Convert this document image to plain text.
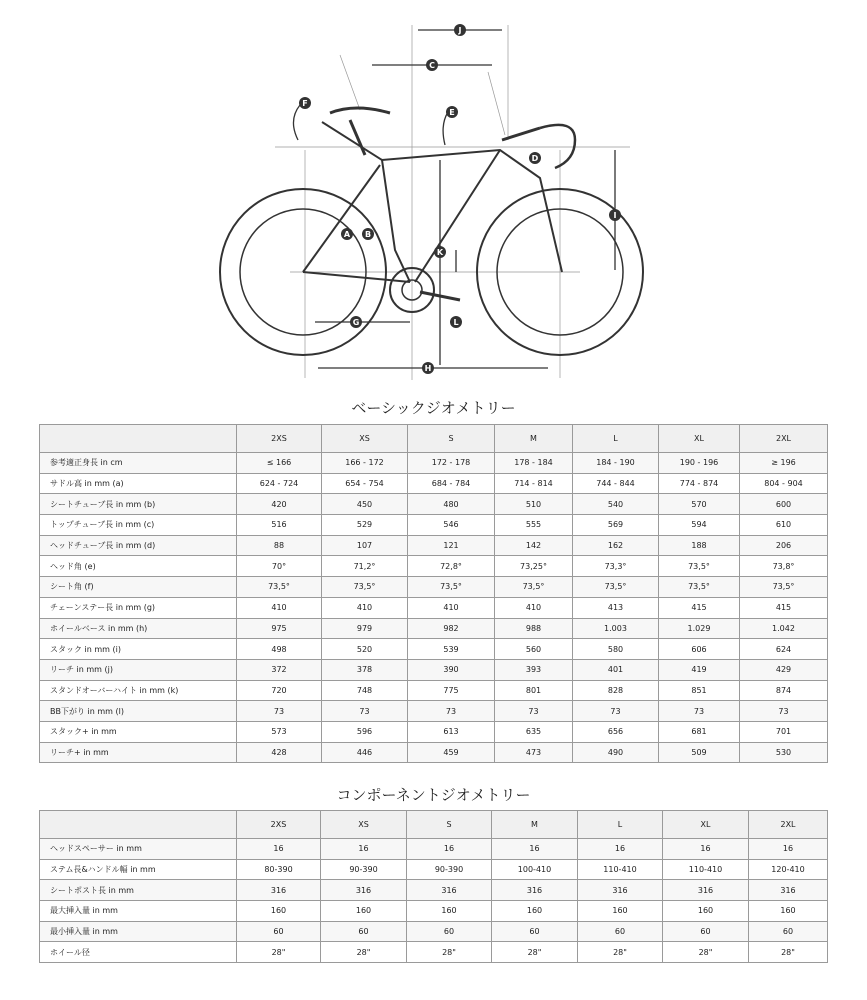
J
C
F
E
D
I
A B
K
L
G
H
ベーシックジオメトリー
	2XS	XS	S	M	L	XL	2XL
参考適正身長 in cm	≤ 166	166 - 172	172 - 178	178 - 184	184 - 190	190 - 196	≥ 196
サドル高 in mm (a)	624 - 724	654 - 754	684 - 784	714 - 814	744 - 844	774 - 874	804 - 904
シートチューブ長 in mm (b)	420	450	480	510	540	570	600
トップチューブ長 in mm (c)	516	529	546	555	569	594	610
ヘッドチューブ長 in mm (d)	88	107	121	142	162	188	206
ヘッド角 (e)	70°	71,2°	72,8°	73,25°	73,3°	73,5°	73,8°
シート角 (f)	73,5°	73,5°	73,5°	73,5°	73,5°	73,5°	73,5°
チェーンステー長 in mm (g)	410	410	410	410	413	415	415
ホイールベース in mm (h)	975	979	982	988	1.003	1.029	1.042
スタック in mm (i)	498	520	539	560	580	606	624
リーチ in mm (j)	372	378	390	393	401	419	429
スタンドオーバーハイト in mm (k)	720	748	775	801	828	851	874
BB下がり in mm (l)	73	73	73	73	73	73	73
スタック+ in mm	573	596	613	635	656	681	701
リーチ+ in mm	428	446	459	473	490	509	530
コンポーネントジオメトリー
	2XS	XS	S	M	L	XL	2XL
ヘッドスペーサー in mm	16	16	16	16	16	16	16
ステム長&ハンドル幅 in mm	80-390	90-390	90-390	100-410	110-410	110-410	120-410
シートポスト長 in mm	316	316	316	316	316	316	316
最大挿入量 in mm	160	160	160	160	160	160	160
最小挿入量 in mm	60	60	60	60	60	60	60
ホイール径	28"	28"	28"	28"	28"	28"	28"
